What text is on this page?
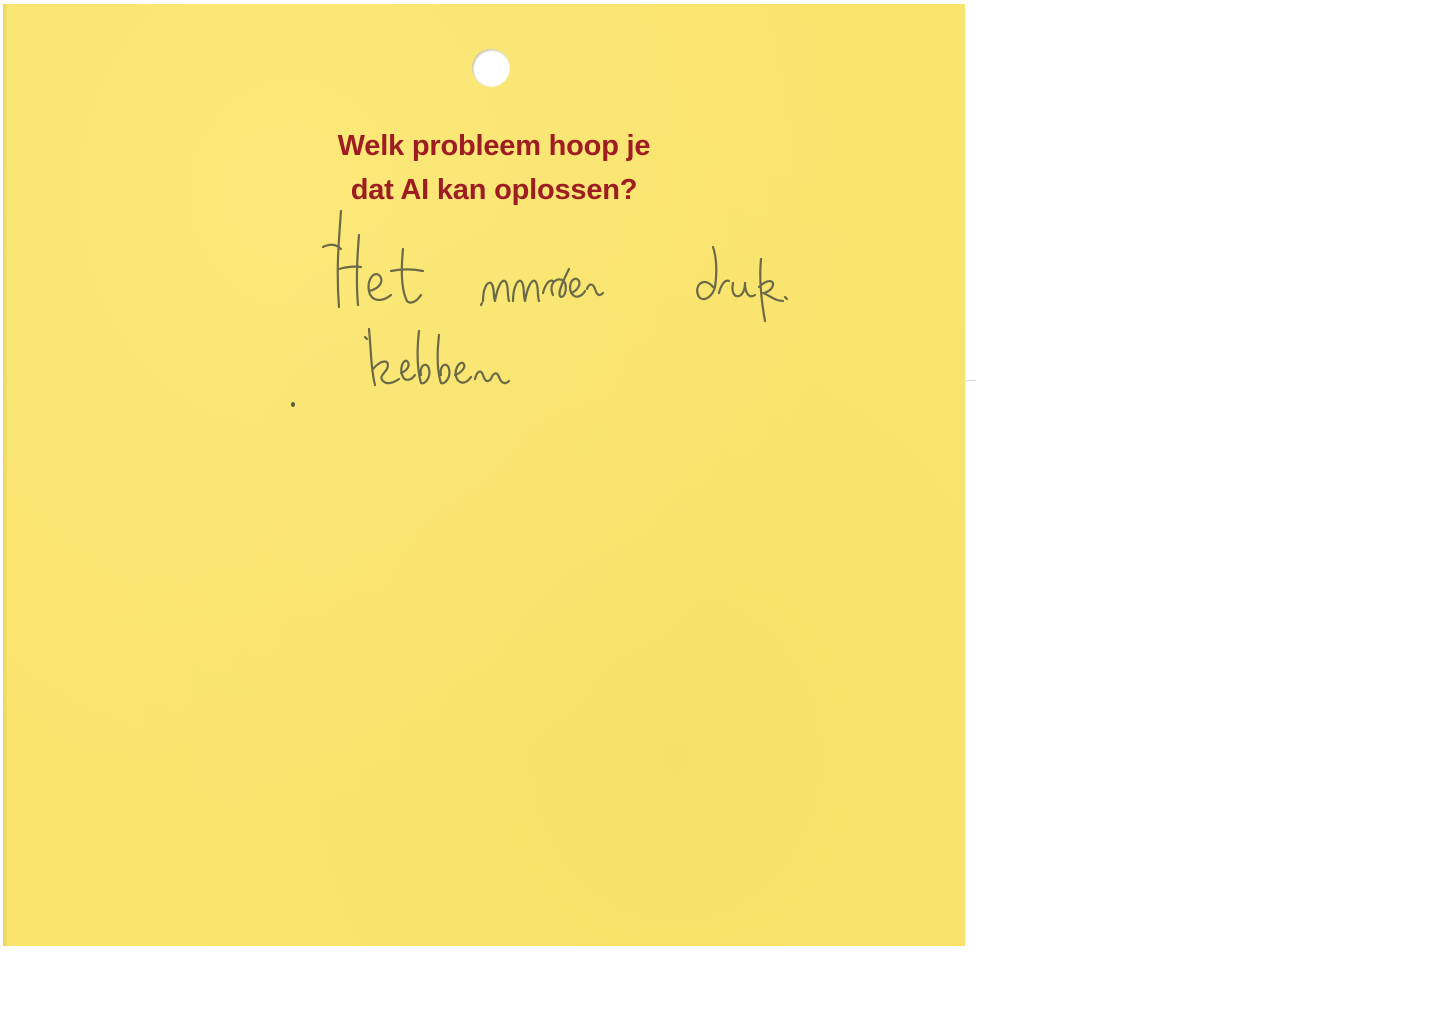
Welk probleem hoop je
dat AI kan oplossen?
